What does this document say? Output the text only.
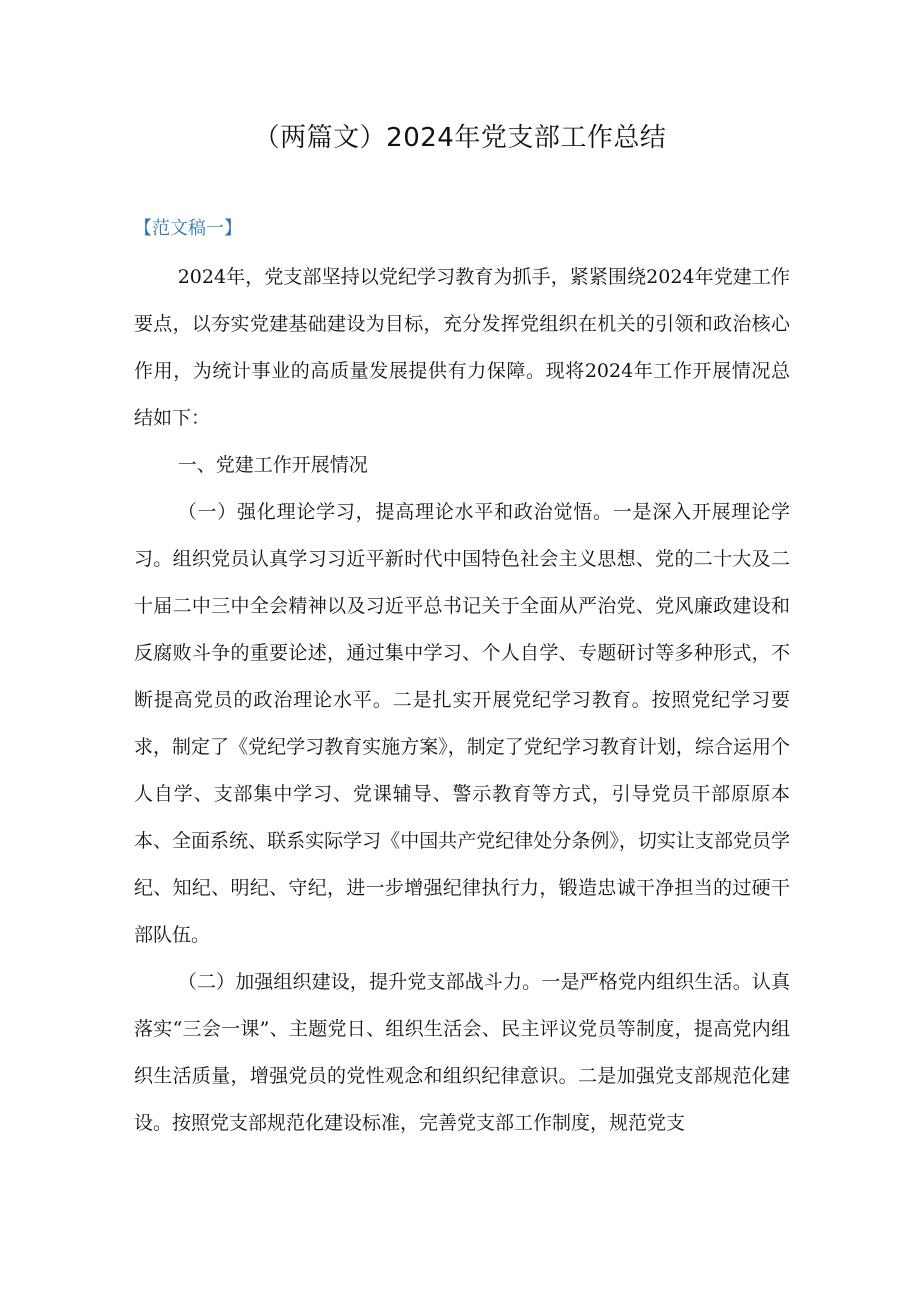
（两篇文）2024年党支部工作总结

【范文稿一】

2024年，党支部坚持以党纪学习教育为抓手，紧紧围绕2024年党建工作要点，以夯实党建基础建设为目标，充分发挥党组织在机关的引领和政治核心作用，为统计事业的高质量发展提供有力保障。现将2024年工作开展情况总结如下：

一、党建工作开展情况

（一）强化理论学习，提高理论水平和政治觉悟。一是深入开展理论学习。组织党员认真学习习近平新时代中国特色社会主义思想、党的二十大及二十届二中三中全会精神以及习近平总书记关于全面从严治党、党风廉政建设和反腐败斗争的重要论述，通过集中学习、个人自学、专题研讨等多种形式，不断提高党员的政治理论水平。二是扎实开展党纪学习教育。按照党纪学习要求，制定了《党纪学习教育实施方案》，制定了党纪学习教育计划，综合运用个人自学、支部集中学习、党课辅导、警示教育等方式，引导党员干部原原本本、全面系统、联系实际学习《中国共产党纪律处分条例》，切实让支部党员学纪、知纪、明纪、守纪，进一步增强纪律执行力，锻造忠诚干净担当的过硬干部队伍。

（二）加强组织建设，提升党支部战斗力。一是严格党内组织生活。认真落实“三会一课”、主题党日、组织生活会、民主评议党员等制度，提高党内组织生活质量，增强党员的党性观念和组织纪律意识。二是加强党支部规范化建设。按照党支部规范化建设标准，完善党支部工作制度，规范党支
